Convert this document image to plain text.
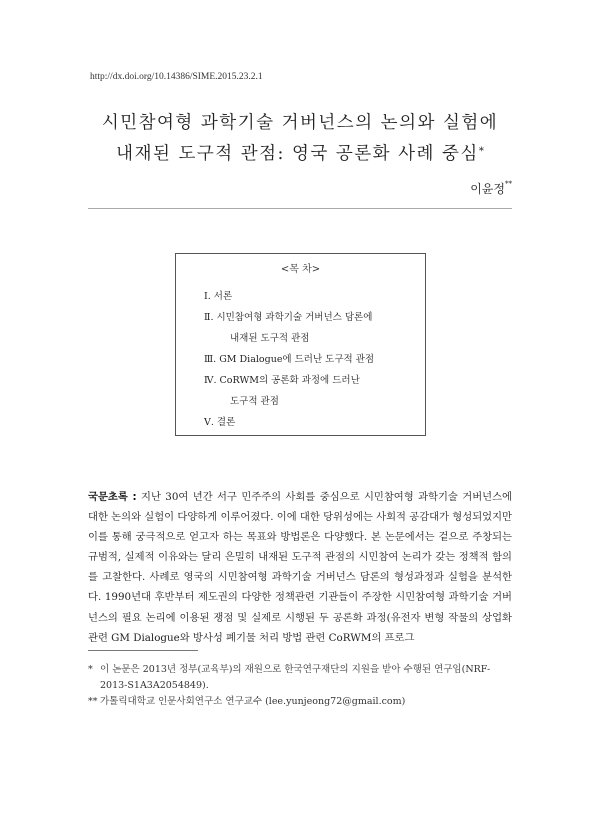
http://dx.doi.org/10.14386/SIME.2015.23.2.1
시민참여형 과학기술 거버넌스의 논의와 실험에
내재된 도구적 관점: 영국 공론화 사례 중심*
이윤정**
<목 차>
Ⅰ. 서론
Ⅱ. 시민참여형 과학기술 거버넌스 담론에
내재된 도구적 관점
Ⅲ. GM Dialogue에 드러난 도구적 관점
Ⅳ. CoRWM의 공론화 과정에 드러난
도구적 관점
Ⅴ. 결론
국문초록 : 지난 30여 년간 서구 민주주의 사회를 중심으로 시민참여형 과학기술 거버넌스에 대한 논의와 실험이 다양하게 이루어졌다. 이에 대한 당위성에는 사회적 공감대가 형성되었지만 이를 통해 궁극적으로 얻고자 하는 목표와 방법론은 다양했다. 본 논문에서는 겉으로 주창되는 규범적, 실제적 이유와는 달리 은밀히 내재된 도구적 관점의 시민참여 논리가 갖는 정책적 함의를 고찰한다. 사례로 영국의 시민참여형 과학기술 거버넌스 담론의 형성과정과 실험을 분석한다. 1990년대 후반부터 제도권의 다양한 정책관련 기관들이 주장한 시민참여형 과학기술 거버넌스의 필요 논리에 이용된 쟁점 및 실제로 시행된 두 공론화 과정(유전자 변형 작물의 상업화 관련 GM Dialogue와 방사성 폐기물 처리 방법 관련 CoRWM의 프로그
* 이 논문은 2013년 정부(교육부)의 재원으로 한국연구재단의 지원을 받아 수행된 연구임(NRF-
2013-S1A3A2054849).
** 가톨릭대학교 인문사회연구소 연구교수 (lee.yunjeong72@gmail.com)
